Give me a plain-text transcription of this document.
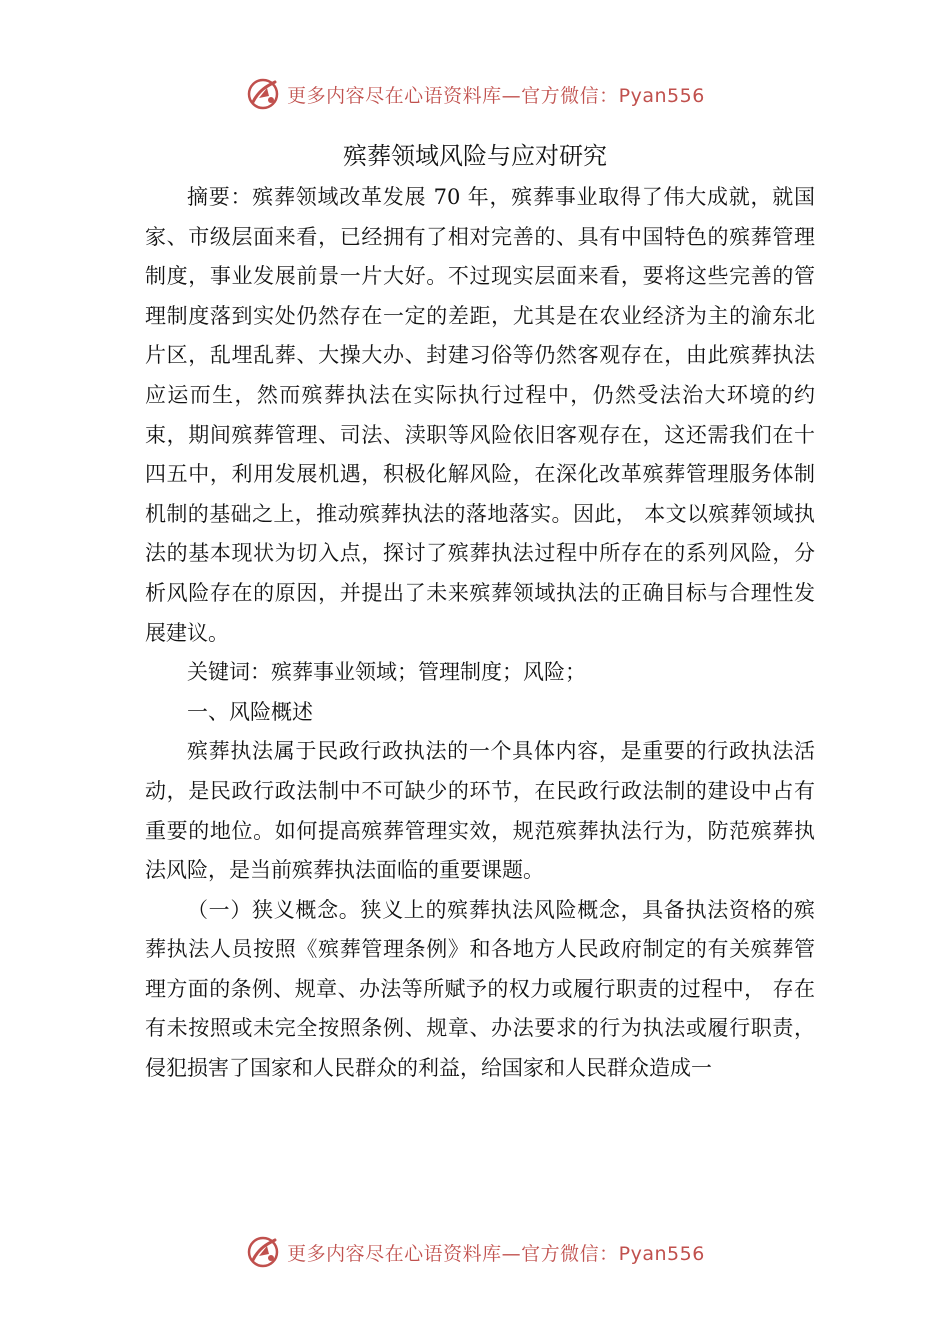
更多内容尽在心语资料库—官方微信：Pyan556
殡葬领域风险与应对研究

摘要：殡葬领域改革发展 70 年，殡葬事业取得了伟大成就，就国家、市级层面来看，已经拥有了相对完善的、具有中国特色的殡葬管理制度，事业发展前景一片大好。不过现实层面来看，要将这些完善的管理制度落到实处仍然存在一定的差距，尤其是在农业经济为主的渝东北片区，乱埋乱葬、大操大办、封建习俗等仍然客观存在，由此殡葬执法应运而生，然而殡葬执法在实际执行过程中，仍然受法治大环境的约束，期间殡葬管理、司法、渎职等风险依旧客观存在，这还需我们在十四五中，利用发展机遇，积极化解风险，在深化改革殡葬管理服务体制机制的基础之上，推动殡葬执法的落地落实。因此， 本文以殡葬领域执法的基本现状为切入点，探讨了殡葬执法过程中所存在的系列风险，分析风险存在的原因，并提出了未来殡葬领域执法的正确目标与合理性发展建议。

关键词：殡葬事业领域；管理制度；风险；

一、风险概述

殡葬执法属于民政行政执法的一个具体内容，是重要的行政执法活动，是民政行政法制中不可缺少的环节，在民政行政法制的建设中占有重要的地位。如何提高殡葬管理实效，规范殡葬执法行为，防范殡葬执法风险，是当前殡葬执法面临的重要课题。

（一）狭义概念。狭义上的殡葬执法风险概念，具备执法资格的殡葬执法人员按照《殡葬管理条例》和各地方人民政府制定的有关殡葬管理方面的条例、规章、办法等所赋予的权力或履行职责的过程中， 存在有未按照或未完全按照条例、规章、办法要求的行为执法或履行职责，侵犯损害了国家和人民群众的利益，给国家和人民群众造成一

更多内容尽在心语资料库—官方微信：Pyan556
